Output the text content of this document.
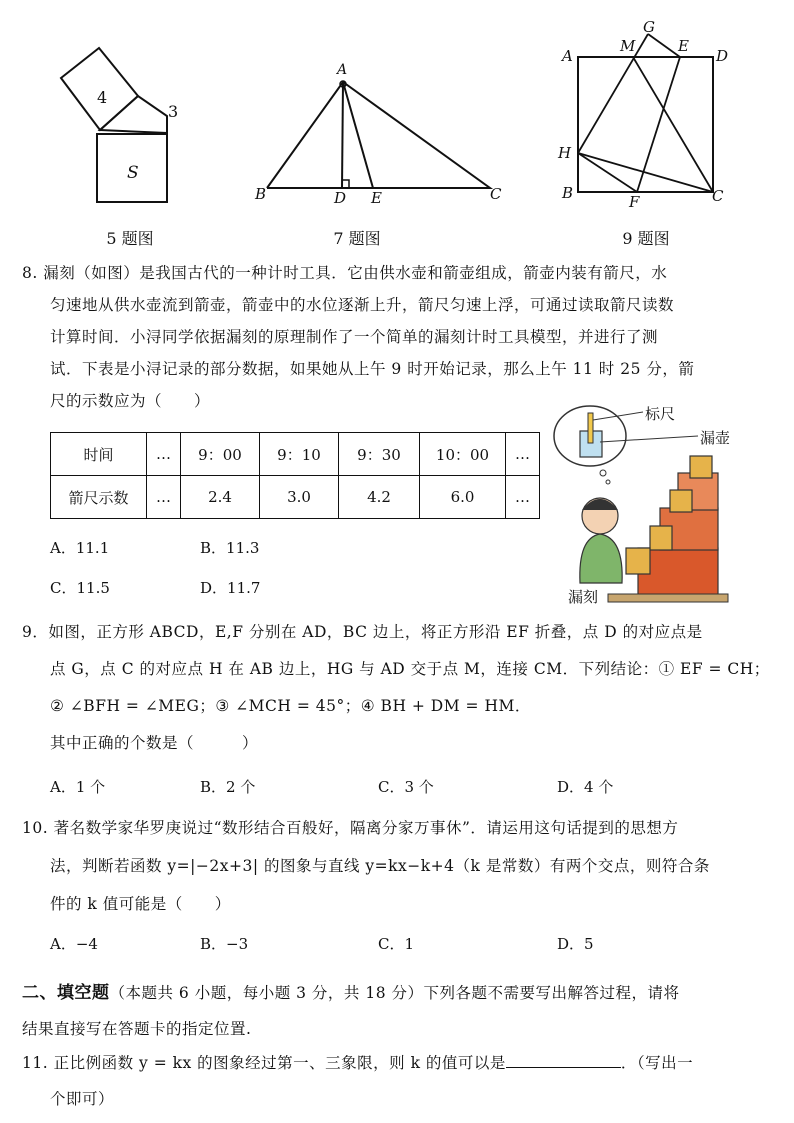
4
3
S
5 题图
A
B	C
D E
7 题图
A
B	C
D
E
F
G
H
M
9 题图
8. 漏刻（如图）是我国古代的一种计时工具．它由供水壶和箭壶组成，箭壶内装有箭尺，水
匀速地从供水壶流到箭壶，箭壶中的水位逐渐上升，箭尺匀速上浮，可通过读取箭尺读数
计算时间．小浔同学依据漏刻的原理制作了一个简单的漏刻计时工具模型，并进行了测
试．下表是小浔记录的部分数据，如果她从上午 9 时开始记录，那么上午 11 时 25 分，箭
尺的示数应为（　　）
时间	…	9：00	9：10	9：30	10：00	…
箭尺示数	…	2.4	3.0	4.2	6.0	…
标尺
漏壶
漏刻
A．11.1	B．11.3
C．11.5	D．11.7
9．如图，正方形 ABCD，E,F 分别在 AD，BC 边上，将正方形沿 EF 折叠，点 D 的对应点是
点 G，点 C 的对应点 H 在 AB 边上，HG 与 AD 交于点 M，连接 CM．下列结论：① EF = CH；
② ∠BFH = ∠MEG；③ ∠MCH = 45°；④ BH + DM = HM．
其中正确的个数是（　　　）
A．1 个	B．2 个	C．3 个	D．4 个
10. 著名数学家华罗庚说过“数形结合百般好，隔离分家万事休”．请运用这句话提到的思想方
法，判断若函数 y=|−2x+3| 的图象与直线 y=kx−k+4（k 是常数）有两个交点，则符合条
件的 k 值可能是（　　）
A．−4	B．−3	C．1	D．5
二、填空题（本题共 6 小题，每小题 3 分，共 18 分）下列各题不需要写出解答过程，请将
结果直接写在答题卡的指定位置.
11. 正比例函数 y = kx 的图象经过第一、三象限，则 k 的值可以是	．（写出一
个即可）
